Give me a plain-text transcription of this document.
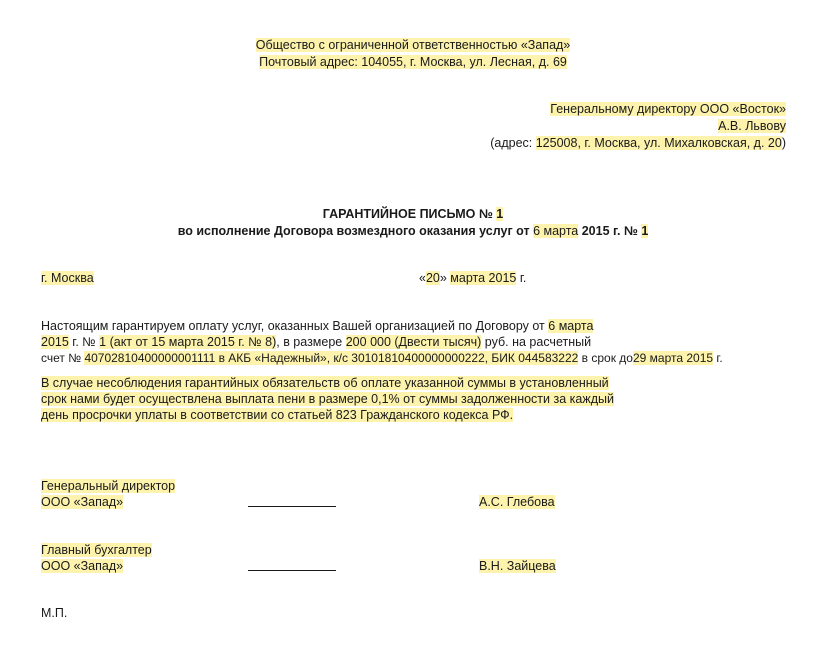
Общество с ограниченной ответственностью «Запад»
Почтовый адрес: 104055, г. Москва, ул. Лесная, д. 69
Генеральному директору ООО «Восток»
А.В. Львову
(адрес: 125008, г. Москва, ул. Михалковская, д. 20)
ГАРАНТИЙНОЕ ПИСЬМО № 1
во исполнение Договора возмездного оказания услуг от 6 марта 2015 г. № 1
г. Москва	«20» марта 2015 г.
Настоящим гарантируем оплату услуг, оказанных Вашей организацией по Договору от 6 марта
2015 г. № 1 (акт от 15 марта 2015 г. № 8), в размере 200 000 (Двести тысяч) руб. на расчетный
счет № 40702810400000001111 в АКБ «Надежный», к/с 30101810400000000222, БИК 044583222 в срок до29 марта 2015 г.
В случае несоблюдения гарантийных обязательств об оплате указанной суммы в установленный
срок нами будет осуществлена выплата пени в размере 0,1% от суммы задолженности за каждый
день просрочки уплаты в соответствии со статьей 823 Гражданского кодекса РФ.
Генеральный директор
ООО «Запад»	А.С. Глебова
Главный бухгалтер
ООО «Запад»	В.Н. Зайцева
М.П.
